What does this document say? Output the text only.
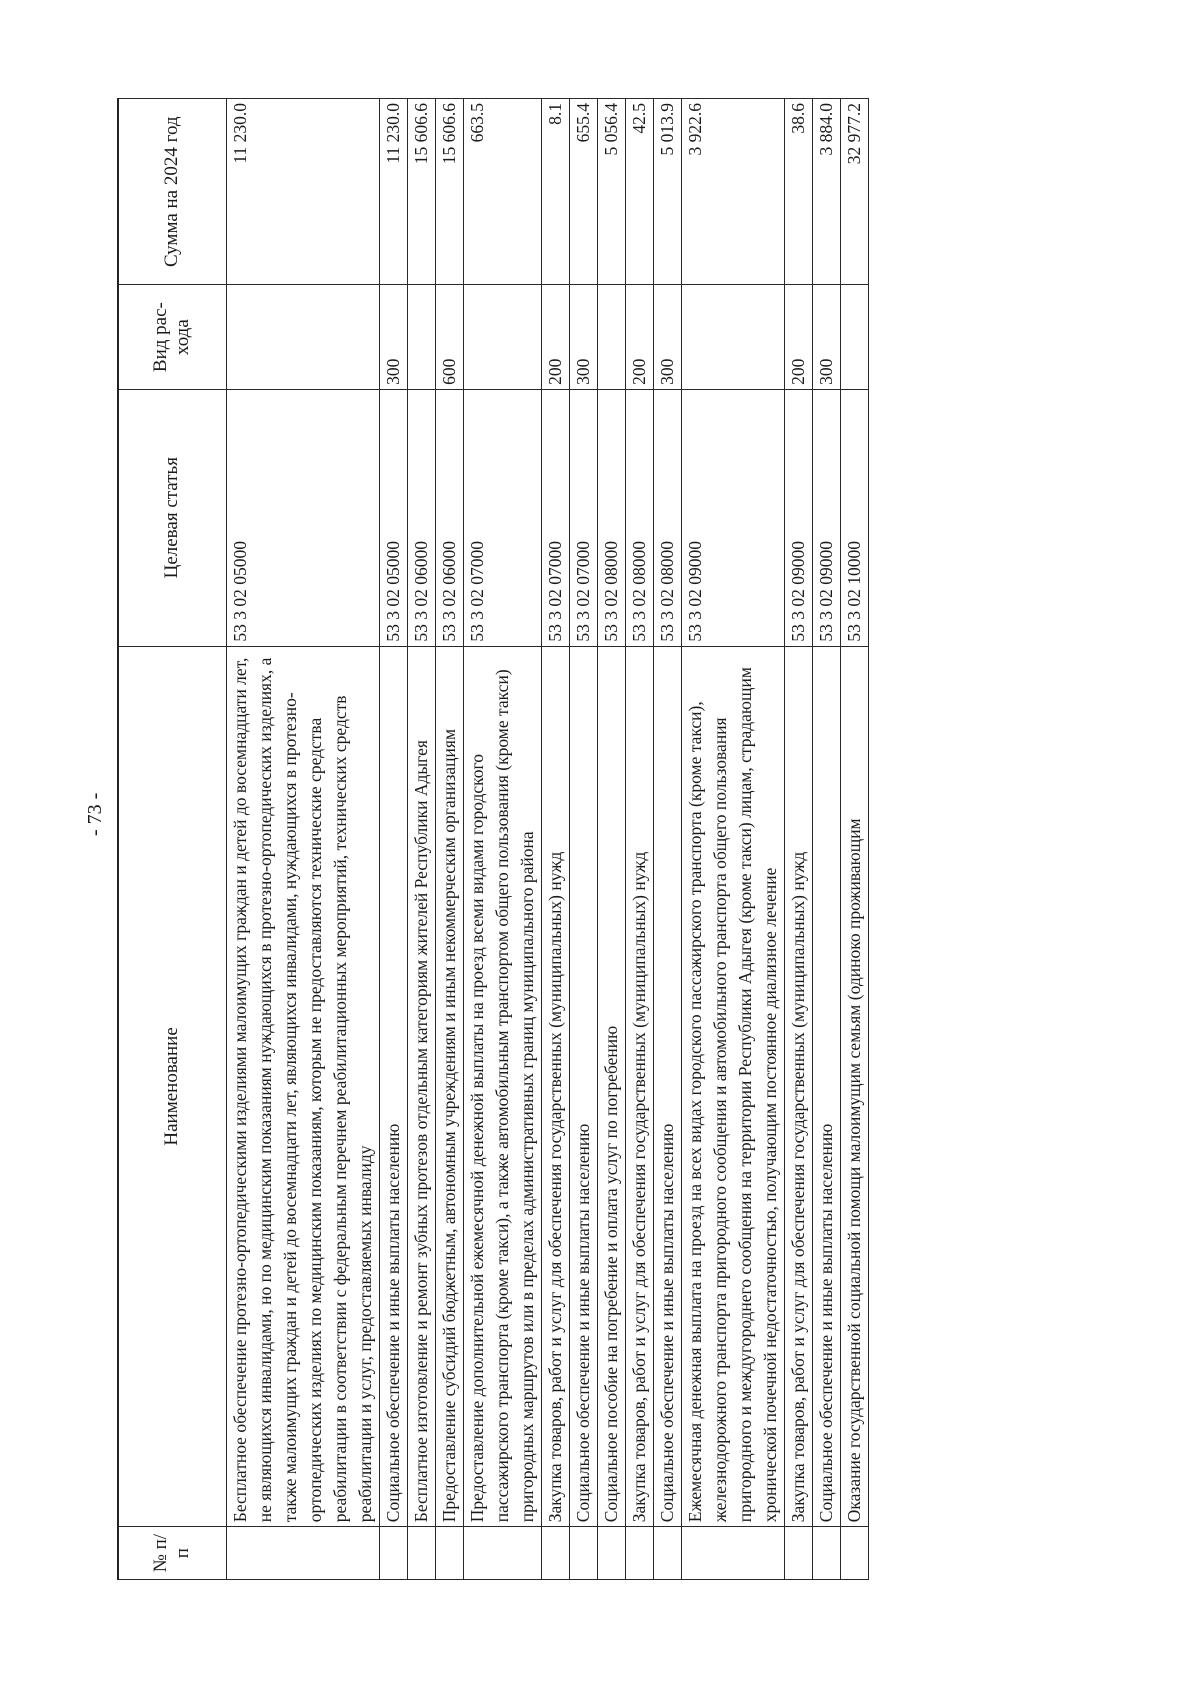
- 73 -
№ п/п	Наименование	Целевая статья	Вид рас-хода	Сумма на 2024 год
	Бесплатное обеспечение протезно-ортопедическими изделиями малоимущих граждан и детей до восемнадцати лет, не являющихся инвалидами, но по медицинским показаниям нуждающихся в протезно-ортопедических изделиях, а также малоимущих граждан и детей до восемнадцати лет, являющихся инвалидами, нуждающихся в протезно-ортопедических изделиях по медицинским показаниям, которым не предоставляются технические средства реабилитации в соответствии с федеральным перечнем реабилитационных мероприятий, технических средств реабилитации и услуг, предоставляемых инвалиду	53 3 02 05000		11 230.0
	Социальное обеспечение и иные выплаты населению	53 3 02 05000	300	11 230.0
	Бесплатное изготовление и ремонт зубных протезов отдельным категориям жителей Республики Адыгея	53 3 02 06000		15 606.6
	Предоставление субсидий бюджетным, автономным учреждениям и иным некоммерческим организациям	53 3 02 06000	600	15 606.6
	Предоставление дополнительной ежемесячной денежной выплаты на проезд всеми видами городского пассажирского транспорта (кроме такси), а также автомобильным транспортом общего пользования (кроме такси) пригородных маршрутов или в пределах административных границ муниципального района	53 3 02 07000		663.5
	Закупка товаров, работ и услуг для обеспечения государственных (муниципальных) нужд	53 3 02 07000	200	8.1
	Социальное обеспечение и иные выплаты населению	53 3 02 07000	300	655.4
	Социальное пособие на погребение и оплата услуг по погребению	53 3 02 08000		5 056.4
	Закупка товаров, работ и услуг для обеспечения государственных (муниципальных) нужд	53 3 02 08000	200	42.5
	Социальное обеспечение и иные выплаты населению	53 3 02 08000	300	5 013.9
	Ежемесячная денежная выплата на проезд на всех видах городского пассажирского транспорта (кроме такси), железнодорожного транспорта пригородного сообщения и автомобильного транспорта общего пользования пригородного и междугороднего сообщения на территории Республики Адыгея (кроме такси) лицам, страдающим хронической почечной недостаточностью, получающим постоянное диализное лечение	53 3 02 09000		3 922.6
	Закупка товаров, работ и услуг для обеспечения государственных (муниципальных) нужд	53 3 02 09000	200	38.6
	Социальное обеспечение и иные выплаты населению	53 3 02 09000	300	3 884.0
	Оказание государственной социальной помощи малоимущим семьям (одиноко проживающим	53 3 02 10000		32 977.2
